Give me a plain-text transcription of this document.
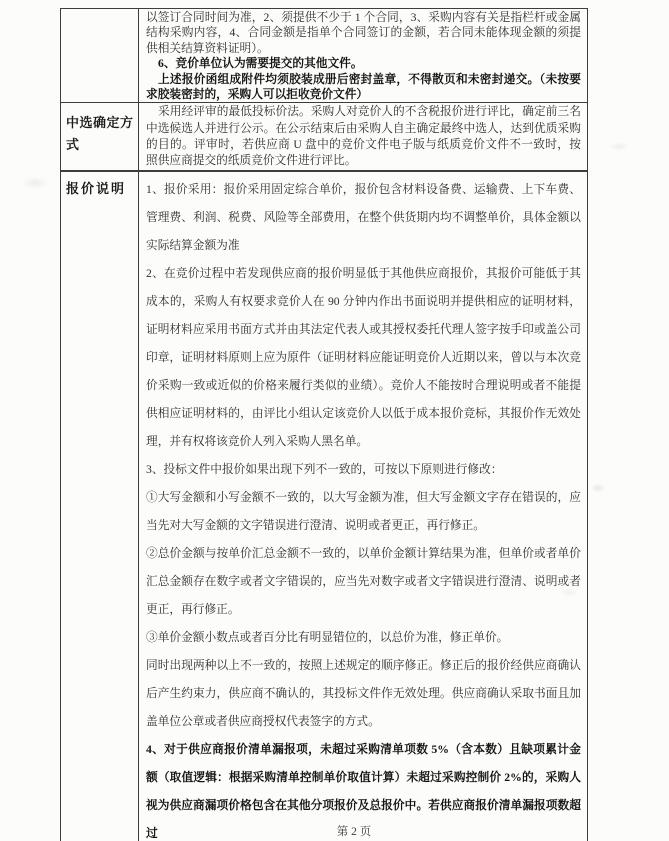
	以签订合同时间为准，2、须提供不少于 1 个合同，3、采购内容有关是指栏杆或金属结构采购内容，4、合同金额是指单个合同签订的金额，若合同未能体现金额的须提供相关结算资料证明）。

6、竞价单位认为需要提交的其他文件。

上述报价函组成附件均须胶装成册后密封盖章，不得散页和未密封递交。（未按要求胶装密封的，采购人可以拒收竞价文件）

中选确定方式	采用经评审的最低投标价法。采购人对竞价人的不含税报价进行评比，确定前三名中选候选人并进行公示。在公示结束后由采购人自主确定最终中选人，达到优质采购的目的。评审时，若供应商 U 盘中的竞价文件电子版与纸质竞价文件不一致时，按照供应商提交的纸质竞价文件进行评比。

报价说明	1、报价采用：报价采用固定综合单价，报价包含材料设备费、运输费、上下车费、管理费、利润、税费、风险等全部费用，在整个供货期内均不调整单价，具体金额以实际结算金额为准

2、在竞价过程中若发现供应商的报价明显低于其他供应商报价，其报价可能低于其成本的，采购人有权要求竞价人在 90 分钟内作出书面说明并提供相应的证明材料，证明材料应采用书面方式并由其法定代表人或其授权委托代理人签字按手印或盖公司印章，证明材料原则上应为原件（证明材料应能证明竞价人近期以来，曾以与本次竞价采购一致或近似的价格来履行类似的业绩）。竞价人不能按时合理说明或者不能提供相应证明材料的，由评比小组认定该竞价人以低于成本报价竞标，其报价作无效处理，并有权将该竞价人列入采购人黑名单。

3、投标文件中报价如果出现下列不一致的，可按以下原则进行修改：

①大写金额和小写金额不一致的，以大写金额为准，但大写金额文字存在错误的，应当先对大写金额的文字错误进行澄清、说明或者更正，再行修正。

②总价金额与按单价汇总金额不一致的，以单价金额计算结果为准，但单价或者单价汇总金额存在数字或者文字错误的，应当先对数字或者文字错误进行澄清、说明或者更正，再行修正。

③单价金额小数点或者百分比有明显错位的，以总价为准，修正单价。

同时出现两种以上不一致的，按照上述规定的顺序修正。修正后的报价经供应商确认后产生约束力，供应商不确认的，其投标文件作无效处理。供应商确认采取书面且加盖单位公章或者供应商授权代表签字的方式。

4、对于供应商报价清单漏报项，未超过采购清单项数 5%（含本数）且缺项累计金额（取值逻辑：根据采购清单控制单价取值计算）未超过采购控制价 2%的，采购人视为供应商漏项价格包含在其他分项报价及总报价中。若供应商报价清单漏报项数超过	第 2 页
